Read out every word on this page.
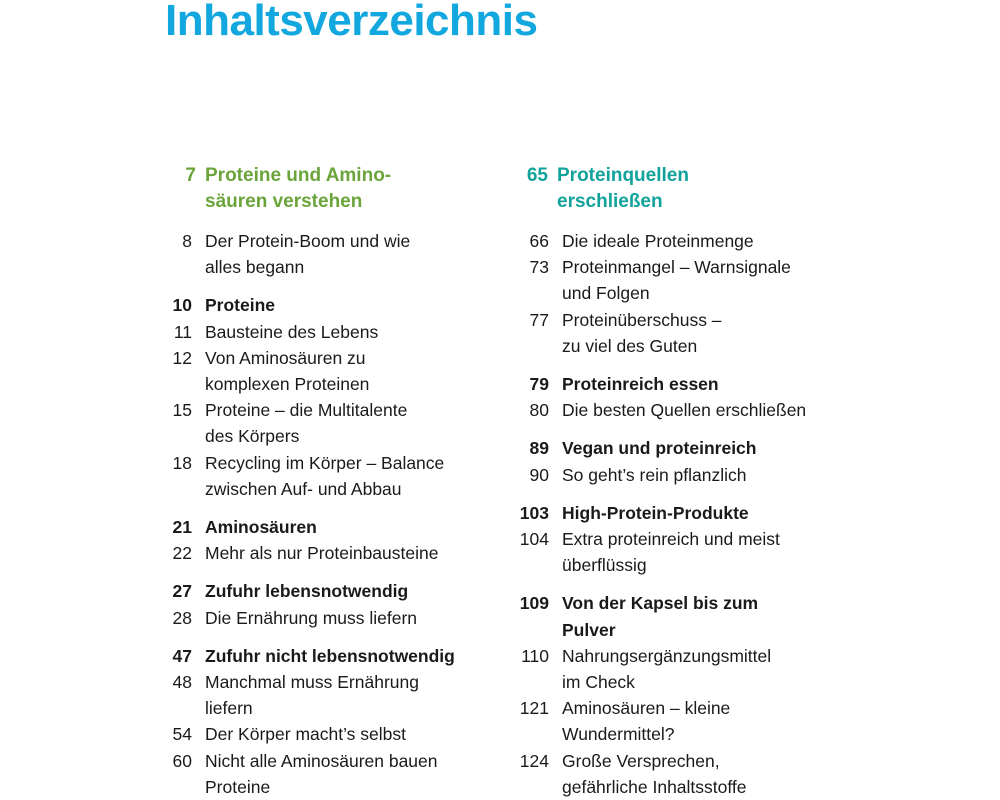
Inhaltsverzeichnis
7 Proteine und Amino-
säuren verstehen
8 Der Protein-Boom und wie
alles begann
10 Proteine
11 Bausteine des Lebens
12 Von Aminosäuren zu
komplexen Proteinen
15 Proteine – die Multitalente
des Körpers
18 Recycling im Körper – Balance
zwischen Auf- und Abbau
21 Aminosäuren
22 Mehr als nur Proteinbausteine
27 Zufuhr lebensnotwendig
28 Die Ernährung muss liefern
47 Zufuhr nicht lebensnotwendig
48 Manchmal muss Ernährung
liefern
54 Der Körper macht’s selbst
60 Nicht alle Aminosäuren bauen
Proteine
65 Proteinquellen
erschließen
66 Die ideale Proteinmenge
73 Proteinmangel – Warnsignale
und Folgen
77 Proteinüberschuss –
zu viel des Guten
79 Proteinreich essen
80 Die besten Quellen erschließen
89 Vegan und proteinreich
90 So geht’s rein pflanzlich
103 High-Protein-Produkte
104 Extra proteinreich und meist
überflüssig
109 Von der Kapsel bis zum
Pulver
110 Nahrungsergänzungsmittel
im Check
121 Aminosäuren – kleine
Wundermittel?
124 Große Versprechen,
gefährliche Inhaltsstoffe
